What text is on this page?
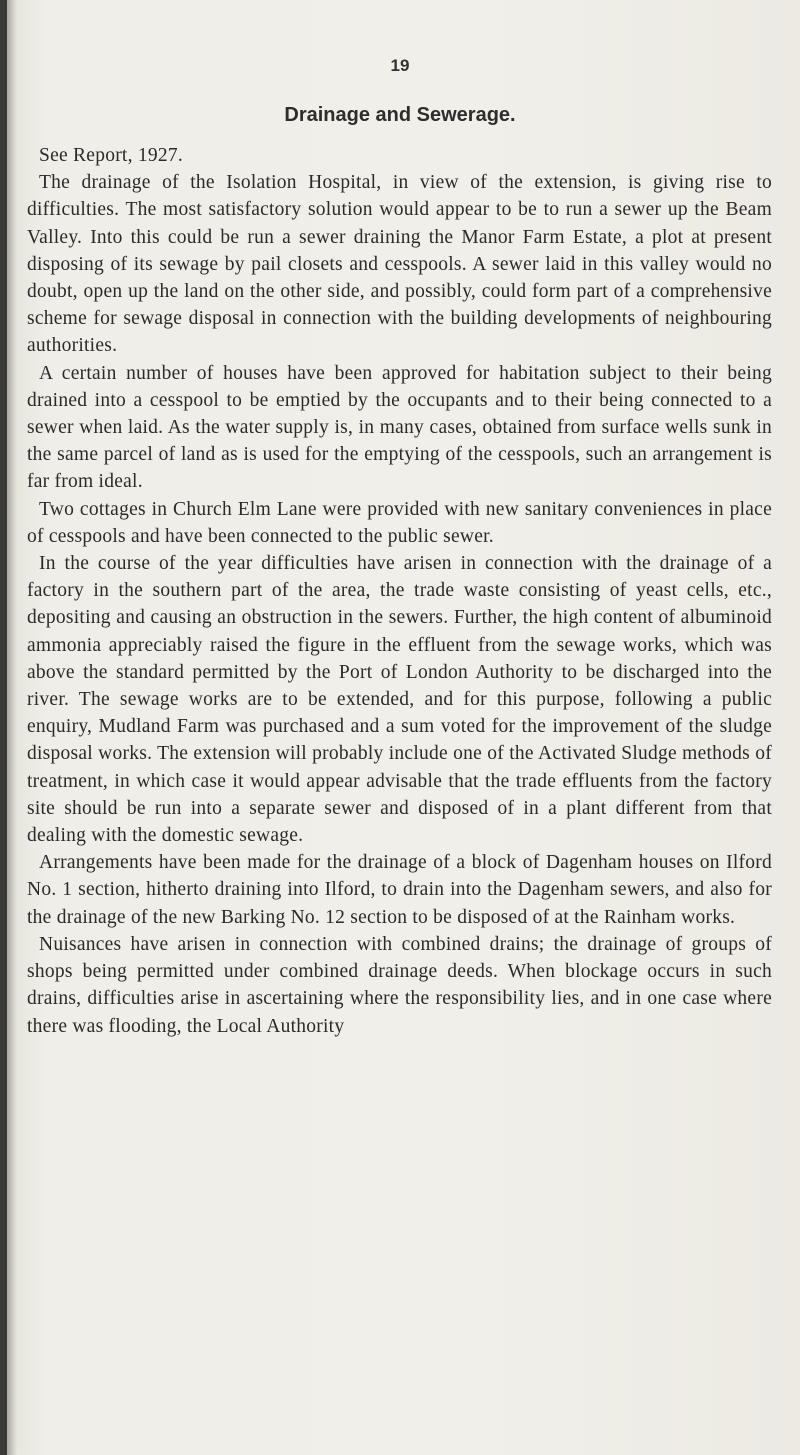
19
Drainage and Sewerage.

See Report, 1927.

The drainage of the Isolation Hospital, in view of the extension, is giving rise to difficulties. The most satisfactory solution would appear to be to run a sewer up the Beam Valley. Into this could be run a sewer draining the Manor Farm Estate, a plot at present disposing of its sewage by pail closets and cesspools. A sewer laid in this valley would no doubt, open up the land on the other side, and possibly, could form part of a comprehensive scheme for sewage disposal in connection with the building developments of neighbouring authorities.

A certain number of houses have been approved for habitation subject to their being drained into a cesspool to be emptied by the occupants and to their being connected to a sewer when laid. As the water supply is, in many cases, obtained from surface wells sunk in the same parcel of land as is used for the emptying of the cesspools, such an arrangement is far from ideal.

Two cottages in Church Elm Lane were provided with new sanitary conveniences in place of cesspools and have been connected to the public sewer.

In the course of the year difficulties have arisen in connection with the drainage of a factory in the southern part of the area, the trade waste consisting of yeast cells, etc., depositing and causing an obstruction in the sewers. Further, the high content of albuminoid ammonia appreciably raised the figure in the effluent from the sewage works, which was above the standard permitted by the Port of London Authority to be discharged into the river. The sewage works are to be extended, and for this purpose, following a public enquiry, Mudland Farm was purchased and a sum voted for the improvement of the sludge disposal works. The extension will probably include one of the Activated Sludge methods of treatment, in which case it would appear advisable that the trade effluents from the factory site should be run into a separate sewer and disposed of in a plant different from that dealing with the domestic sewage.

Arrangements have been made for the drainage of a block of Dagenham houses on Ilford No. 1 section, hitherto draining into Ilford, to drain into the Dagenham sewers, and also for the drainage of the new Barking No. 12 section to be disposed of at the Rainham works.

Nuisances have arisen in connection with combined drains; the drainage of groups of shops being permitted under combined drainage deeds. When blockage occurs in such drains, difficulties arise in ascertaining where the responsibility lies, and in one case where there was flooding, the Local Authority
